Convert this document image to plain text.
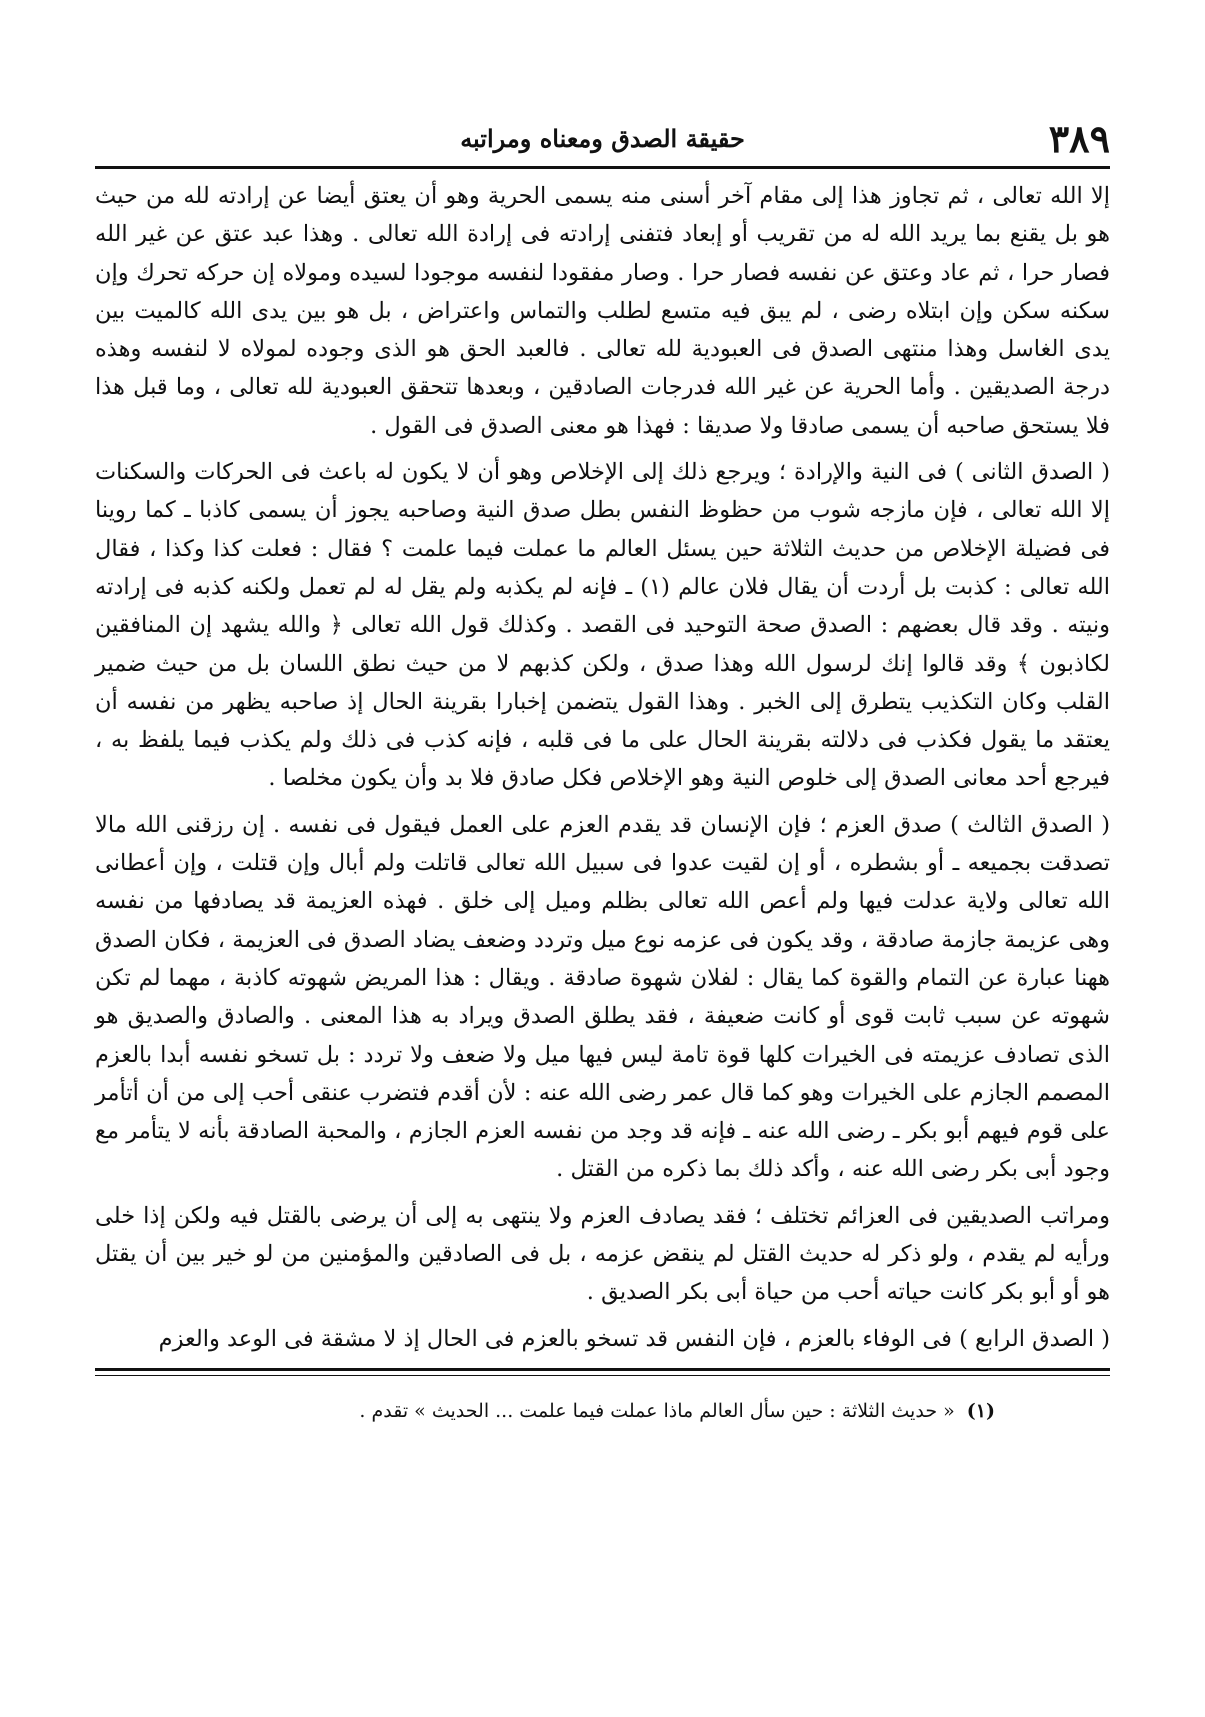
٣٨٩
حقيقة الصدق ومعناه ومراتبه

إلا الله تعالى ، ثم تجاوز هذا إلى مقام آخر أسنى منه يسمى الحرية وهو أن يعتق أيضا عن إرادته لله من حيث هو بل يقنع بما يريد الله له من تقريب أو إبعاد فتفنى إرادته فى إرادة الله تعالى . وهذا عبد عتق عن غير الله فصار حرا ، ثم عاد وعتق عن نفسه فصار حرا . وصار مفقودا لنفسه موجودا لسيده ومولاه إن حركه تحرك وإن سكنه سكن وإن ابتلاه رضى ، لم يبق فيه متسع لطلب والتماس واعتراض ، بل هو بين يدى الله كالميت بين يدى الغاسل وهذا منتهى الصدق فى العبودية لله تعالى . فالعبد الحق هو الذى وجوده لمولاه لا لنفسه وهذه درجة الصديقين . وأما الحرية عن غير الله فدرجات الصادقين ، وبعدها تتحقق العبودية لله تعالى ، وما قبل هذا فلا يستحق صاحبه أن يسمى صادقا ولا صديقا : فهذا هو معنى الصدق فى القول .

( الصدق الثانى ) فى النية والإرادة ؛ ويرجع ذلك إلى الإخلاص وهو أن لا يكون له باعث فى الحركات والسكنات إلا الله تعالى ، فإن مازجه شوب من حظوظ النفس بطل صدق النية وصاحبه يجوز أن يسمى كاذبا ـ كما روينا فى فضيلة الإخلاص من حديث الثلاثة حين يسئل العالم ما عملت فيما علمت ؟ فقال : فعلت كذا وكذا ، فقال الله تعالى : كذبت بل أردت أن يقال فلان عالم (١) ـ فإنه لم يكذبه ولم يقل له لم تعمل ولكنه كذبه فى إرادته ونيته . وقد قال بعضهم : الصدق صحة التوحيد فى القصد . وكذلك قول الله تعالى ﴿ والله يشهد إن المنافقين لكاذبون ﴾ وقد قالوا إنك لرسول الله وهذا صدق ، ولكن كذبهم لا من حيث نطق اللسان بل من حيث ضمير القلب وكان التكذيب يتطرق إلى الخبر . وهذا القول يتضمن إخبارا بقرينة الحال إذ صاحبه يظهر من نفسه أن يعتقد ما يقول فكذب فى دلالته بقرينة الحال على ما فى قلبه ، فإنه كذب فى ذلك ولم يكذب فيما يلفظ به ، فيرجع أحد معانى الصدق إلى خلوص النية وهو الإخلاص فكل صادق فلا بد وأن يكون مخلصا .

( الصدق الثالث ) صدق العزم ؛ فإن الإنسان قد يقدم العزم على العمل فيقول فى نفسه . إن رزقنى الله مالا تصدقت بجميعه ـ أو بشطره ، أو إن لقيت عدوا فى سبيل الله تعالى قاتلت ولم أبال وإن قتلت ، وإن أعطانى الله تعالى ولاية عدلت فيها ولم أعص الله تعالى بظلم وميل إلى خلق . فهذه العزيمة قد يصادفها من نفسه وهى عزيمة جازمة صادقة ، وقد يكون فى عزمه نوع ميل وتردد وضعف يضاد الصدق فى العزيمة ، فكان الصدق ههنا عبارة عن التمام والقوة كما يقال : لفلان شهوة صادقة . ويقال : هذا المريض شهوته كاذبة ، مهما لم تكن شهوته عن سبب ثابت قوى أو كانت ضعيفة ، فقد يطلق الصدق ويراد به هذا المعنى . والصادق والصديق هو الذى تصادف عزيمته فى الخيرات كلها قوة تامة ليس فيها ميل ولا ضعف ولا تردد : بل تسخو نفسه أبدا بالعزم المصمم الجازم على الخيرات وهو كما قال عمر رضى الله عنه : لأن أقدم فتضرب عنقى أحب إلى من أن أتأمر على قوم فيهم أبو بكر ـ رضى الله عنه ـ فإنه قد وجد من نفسه العزم الجازم ، والمحبة الصادقة بأنه لا يتأمر مع وجود أبى بكر رضى الله عنه ، وأكد ذلك بما ذكره من القتل .

ومراتب الصديقين فى العزائم تختلف ؛ فقد يصادف العزم ولا ينتهى به إلى أن يرضى بالقتل فيه ولكن إذا خلى ورأيه لم يقدم ، ولو ذكر له حديث القتل لم ينقض عزمه ، بل فى الصادقين والمؤمنين من لو خير بين أن يقتل هو أو أبو بكر كانت حياته أحب من حياة أبى بكر الصديق .

( الصدق الرابع ) فى الوفاء بالعزم ، فإن النفس قد تسخو بالعزم فى الحال إذ لا مشقة فى الوعد والعزم

(١) « حديث الثلاثة : حين سأل العالم ماذا عملت فيما علمت ... الحديث » تقدم .
